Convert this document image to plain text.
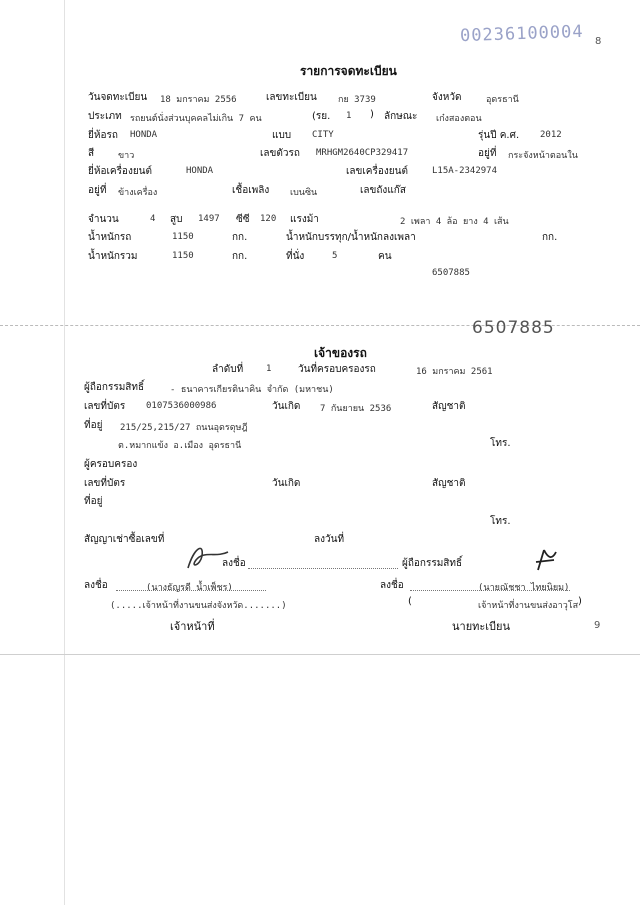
00236100004 8
รายการจดทะเบียน
วันจดทะเบียน 18 มกราคม 2556	เลขทะเบียน กย 3739	จังหวัด	อุดรธานี
ประเภท รถยนต์นั่งส่วนบุคคลไม่เกิน 7 คน	(รย. 1 ) ลักษณะ เก๋งสองตอน
ยี่ห้อรถ HONDA	แบบ CITY	รุ่นปี ค.ศ. 2012
สี	ขาว	เลขตัวรถ MRHGM2640CP329417	อยู่ที่ กระจังหน้าตอนใน
ยี่ห้อเครื่องยนต์	HONDA	เลขเครื่องยนต์	L15A-2342974
อยู่ที่ ข้างเครื่อง	เชื้อเพลิง เบนซิน	เลขถังแก๊ส
จำนวน	4 สูบ 1497 ซีซี 120 แรงม้า	2 เพลา 4 ล้อ ยาง 4 เส้น
น้ำหนักรถ	1150	กก.	น้ำหนักบรรทุก/น้ำหนักลงเพลา	กก.
น้ำหนักรวม	1150	กก.	ที่นั่ง	5	คน
6507885
6507885
เจ้าของรถ
ลำดับที่	1	วันที่ครอบครองรถ	16 มกราคม 2561
ผู้ถือกรรมสิทธิ์	- ธนาคารเกียรตินาคิน จำกัด (มหาชน)
เลขที่บัตร 0107536000986	วันเกิด 7 กันยายน 2536	สัญชาติ
ที่อยู่ 215/25,215/27 ถนนอุดรดุษฎี
ต.หมากแข้ง อ.เมือง อุดรธานี	โทร.
ผู้ครอบครอง
เลขที่บัตร	วันเกิด	สัญชาติ
ที่อยู่
โทร.
สัญญาเช่าซื้อเลขที่	ลงวันที่
ลงชื่อ	ผู้ถือกรรมสิทธิ์
ลงชื่อ	(นางธัญรดี น้ำเพ็ชร)
(.....เจ้าหน้าที่งานขนส่งจังหวัด.......)
เจ้าหน้าที่
ลงชื่อ	(นายณัชชา ไทยนิยม)
เจ้าหน้าที่งานขนส่งอาวุโส
(	)
นายทะเบียน	9
